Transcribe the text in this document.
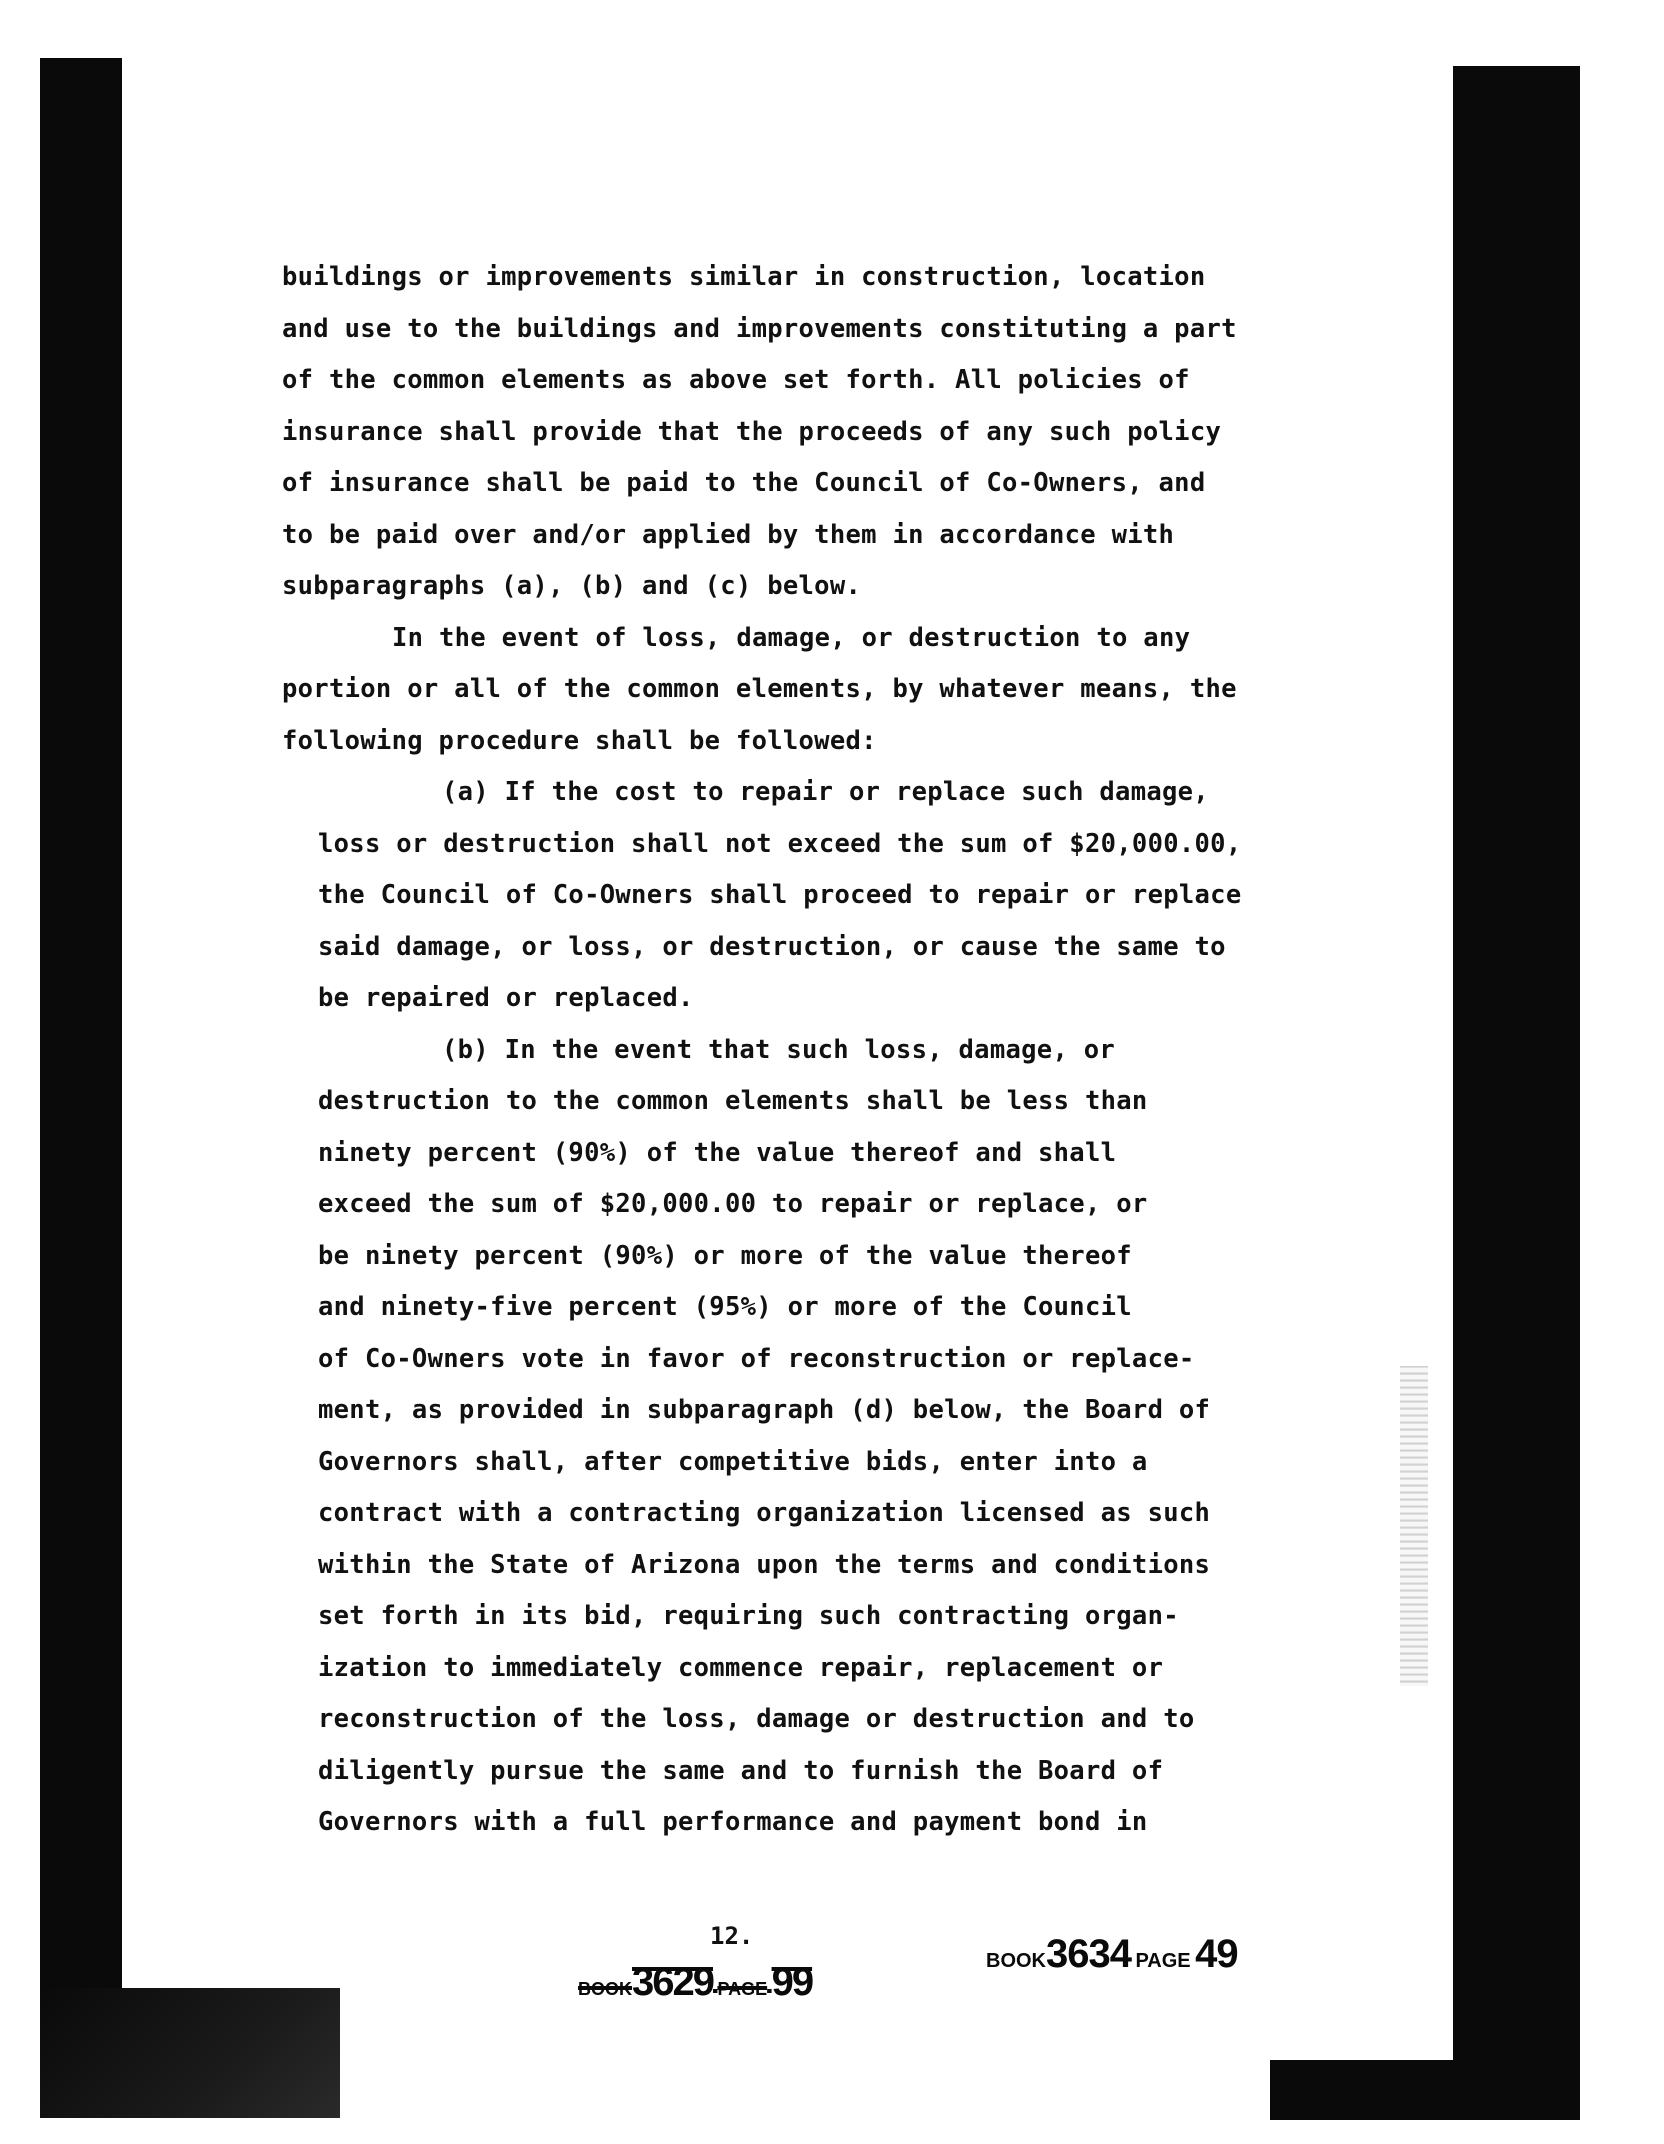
buildings or improvements similar in construction, location
and use to the buildings and improvements constituting a part
of the common elements as above set forth. All policies of
insurance shall provide that the proceeds of any such policy
of insurance shall be paid to the Council of Co-Owners, and
to be paid over and/or applied by them in accordance with
subparagraphs (a), (b) and (c) below.
In the event of loss, damage, or destruction to any
portion or all of the common elements, by whatever means, the
following procedure shall be followed:
(a) If the cost to repair or replace such damage,
loss or destruction shall not exceed the sum of $20,000.00,
the Council of Co-Owners shall proceed to repair or replace
said damage, or loss, or destruction, or cause the same to
be repaired or replaced.
(b) In the event that such loss, damage, or
destruction to the common elements shall be less than
ninety percent (90%) of the value thereof and shall
exceed the sum of $20,000.00 to repair or replace, or
be ninety percent (90%) or more of the value thereof
and ninety-five percent (95%) or more of the Council
of Co-Owners vote in favor of reconstruction or replace-
ment, as provided in subparagraph (d) below, the Board of
Governors shall, after competitive bids, enter into a
contract with a contracting organization licensed as such
within the State of Arizona upon the terms and conditions
set forth in its bid, requiring such contracting organ-
ization to immediately commence repair, replacement or
reconstruction of the loss, damage or destruction and to
diligently pursue the same and to furnish the Board of
Governors with a full performance and payment bond in
12.
BOOK3634 PAGE 49
BOOK3629 PAGE 99
